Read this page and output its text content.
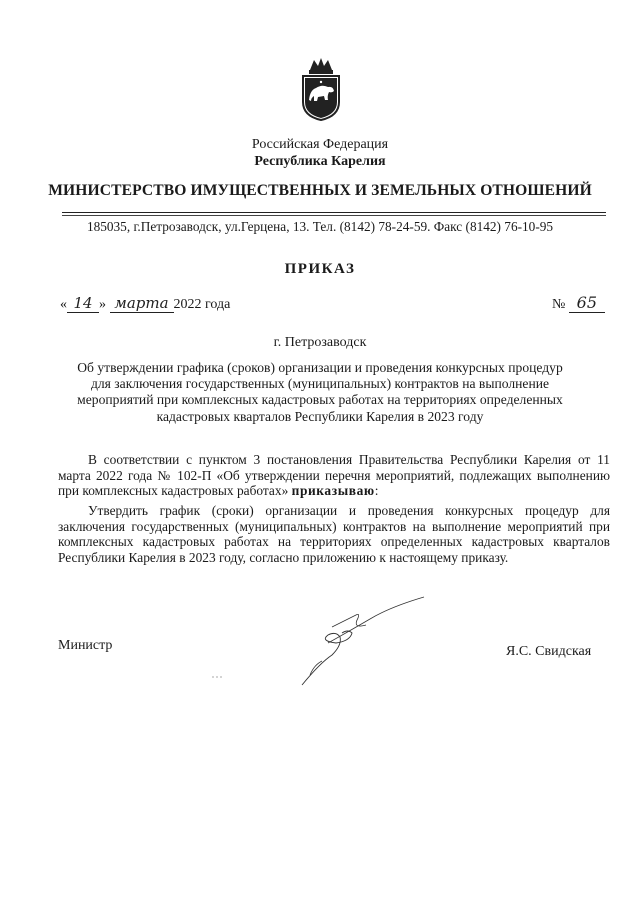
Российская Федерация
Республика Карелия
МИНИСТЕРСТВО ИМУЩЕСТВЕННЫХ И ЗЕМЕЛЬНЫХ ОТНОШЕНИЙ
185035, г.Петрозаводск, ул.Герцена, 13. Тел. (8142) 78-24-59. Факс (8142) 76-10-95
ПРИКАЗ
« 14 » марта 2022 года	№ 65
г. Петрозаводск
Об утверждении графика (сроков) организации и проведения конкурсных процедур
для заключения государственных (муниципальных) контрактов на выполнение
мероприятий при комплексных кадастровых работах на территориях определенных
кадастровых кварталов Республики Карелия в 2023 году
В соответствии с пунктом 3 постановления Правительства Республики Карелия от 11 марта 2022 года № 102-П «Об утверждении перечня мероприятий, подлежащих выполнению при комплексных кадастровых работах» приказываю:
Утвердить график (сроки) организации и проведения конкурсных процедур для заключения государственных (муниципальных) контрактов на выполнение мероприятий при комплексных кадастровых работах на территориях определенных кадастровых кварталов Республики Карелия в 2023 году, согласно приложению к настоящему приказу.
Министр	Я.С. Свидская
